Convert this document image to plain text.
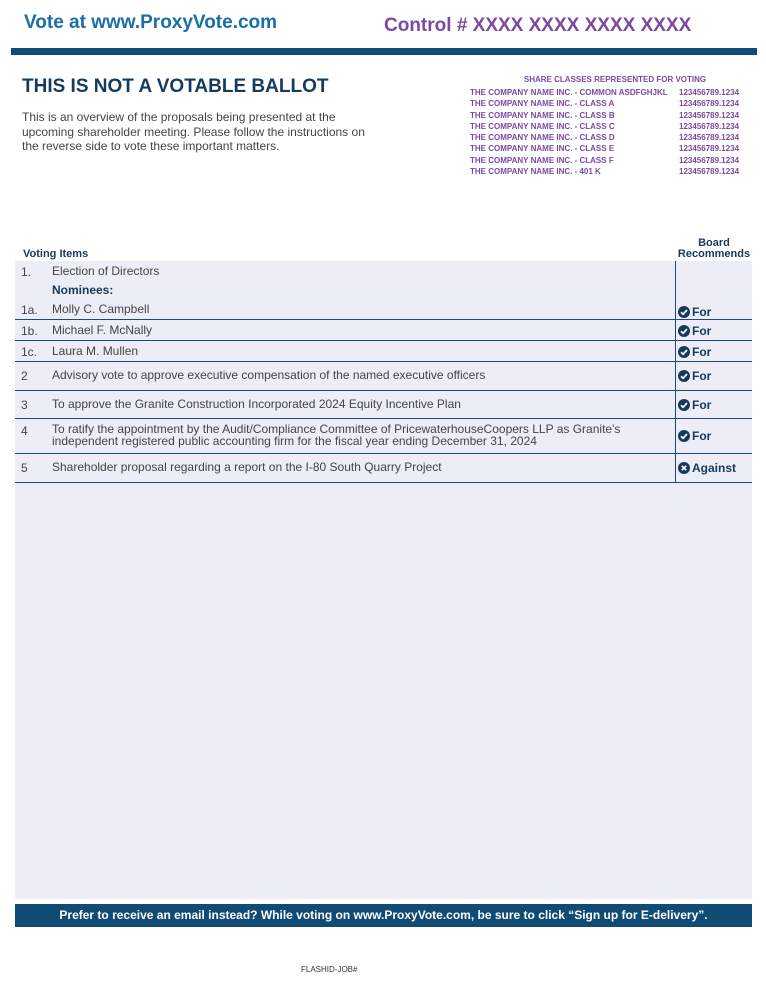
Vote at www.ProxyVote.com	Control # XXXX XXXX XXXX XXXX
THIS IS NOT A VOTABLE BALLOT

This is an overview of the proposals being presented at the upcoming shareholder meeting. Please follow the instructions on the reverse side to vote these important matters.

SHARE CLASSES REPRESENTED FOR VOTING
THE COMPANY NAME INC. - COMMON ASDFGHJKL	123456789.1234
THE COMPANY NAME INC. - CLASS A	123456789.1234
THE COMPANY NAME INC. - CLASS B	123456789.1234
THE COMPANY NAME INC. - CLASS C	123456789.1234
THE COMPANY NAME INC. - CLASS D	123456789.1234
THE COMPANY NAME INC. - CLASS E	123456789.1234
THE COMPANY NAME INC. - CLASS F	123456789.1234
THE COMPANY NAME INC. - 401 K	123456789.1234
Voting Items
Board
Recommends
1. Election of Directors
Nominees:
1a. Molly C. Campbell	For
1b. Michael F. McNally	For
1c. Laura M. Mullen	For
2 Advisory vote to approve executive compensation of the named executive officers	For
3 To approve the Granite Construction Incorporated 2024 Equity Incentive Plan	For
4 To ratify the appointment by the Audit/Compliance Committee of PricewaterhouseCoopers LLP as Granite's independent registered public accounting firm for the fiscal year ending December 31, 2024	For
5 Shareholder proposal regarding a report on the I-80 South Quarry Project	Against
Prefer to receive an email instead? While voting on www.ProxyVote.com, be sure to click “Sign up for E-delivery”.
FLASHID-JOB#
